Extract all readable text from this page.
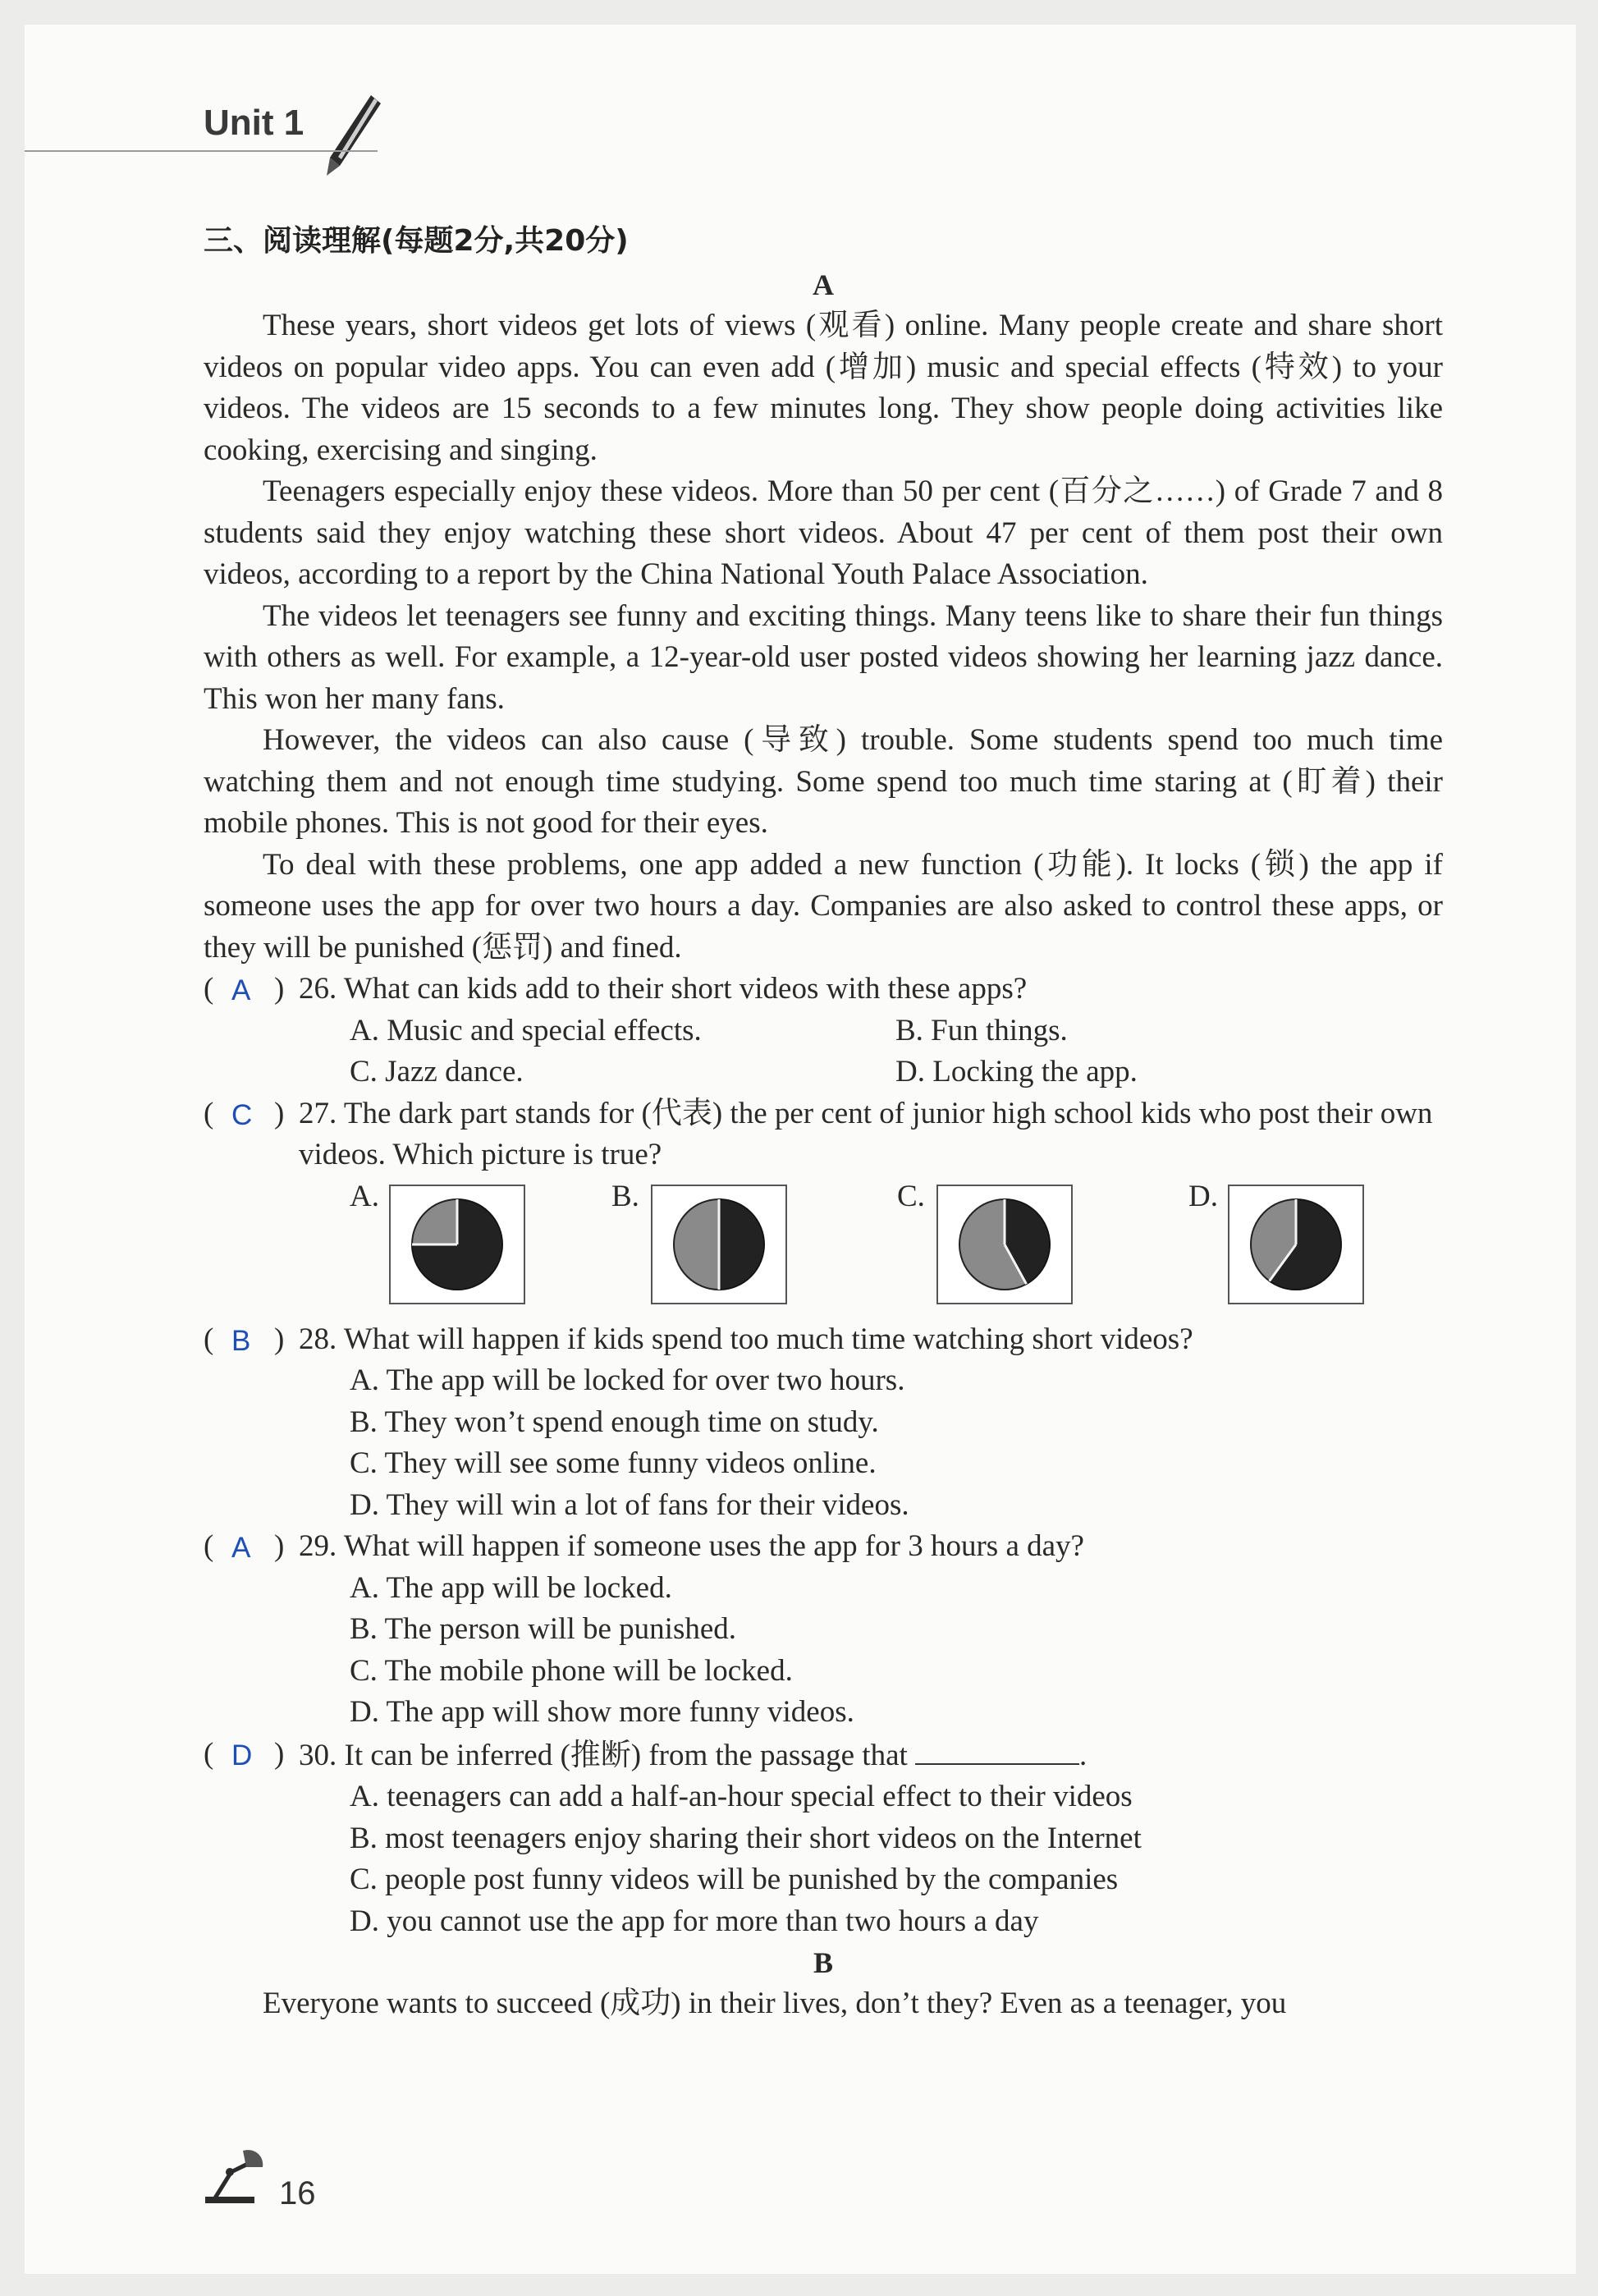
Unit 1
三、阅读理解(每题2分,共20分)
A

These years, short videos get lots of views (观看) online. Many people create and share short videos on popular video apps. You can even add (增加) music and special effects (特效) to your videos. The videos are 15 seconds to a few minutes long. They show people doing activities like cooking, exercising and singing.

Teenagers especially enjoy these videos. More than 50 per cent (百分之……) of Grade 7 and 8 students said they enjoy watching these short videos. About 47 per cent of them post their own videos, according to a report by the China National Youth Palace Association.

The videos let teenagers see funny and exciting things. Many teens like to share their fun things with others as well. For example, a 12-year-old user posted videos showing her learning jazz dance. This won her many fans.

However, the videos can also cause (导致) trouble. Some students spend too much time watching them and not enough time studying. Some spend too much time staring at (盯着) their mobile phones. This is not good for their eyes.

To deal with these problems, one app added a new function (功能). It locks (锁) the app if someone uses the app for over two hours a day. Companies are also asked to control these apps, or they will be punished (惩罚) and fined.

( A ) 26. What can kids add to their short videos with these apps?
A. Music and special effects.	B. Fun things.
C. Jazz dance.	D. Locking the app.
( C ) 27. The dark part stands for (代表) the per cent of junior high school kids who post their own videos. Which picture is true?
A.	B.	C.	D.
( B ) 28. What will happen if kids spend too much time watching short videos?
A. The app will be locked for over two hours.
B. They won’t spend enough time on study.
C. They will see some funny videos online.
D. They will win a lot of fans for their videos.
( A ) 29. What will happen if someone uses the app for 3 hours a day?
A. The app will be locked.
B. The person will be punished.
C. The mobile phone will be locked.
D. The app will show more funny videos.
( D ) 30. It can be inferred (推断) from the passage that	.
A. teenagers can add a half-an-hour special effect to their videos
B. most teenagers enjoy sharing their short videos on the Internet
C. people post funny videos will be punished by the companies
D. you cannot use the app for more than two hours a day
B

Everyone wants to succeed (成功) in their lives, don’t they? Even as a teenager, you

16
